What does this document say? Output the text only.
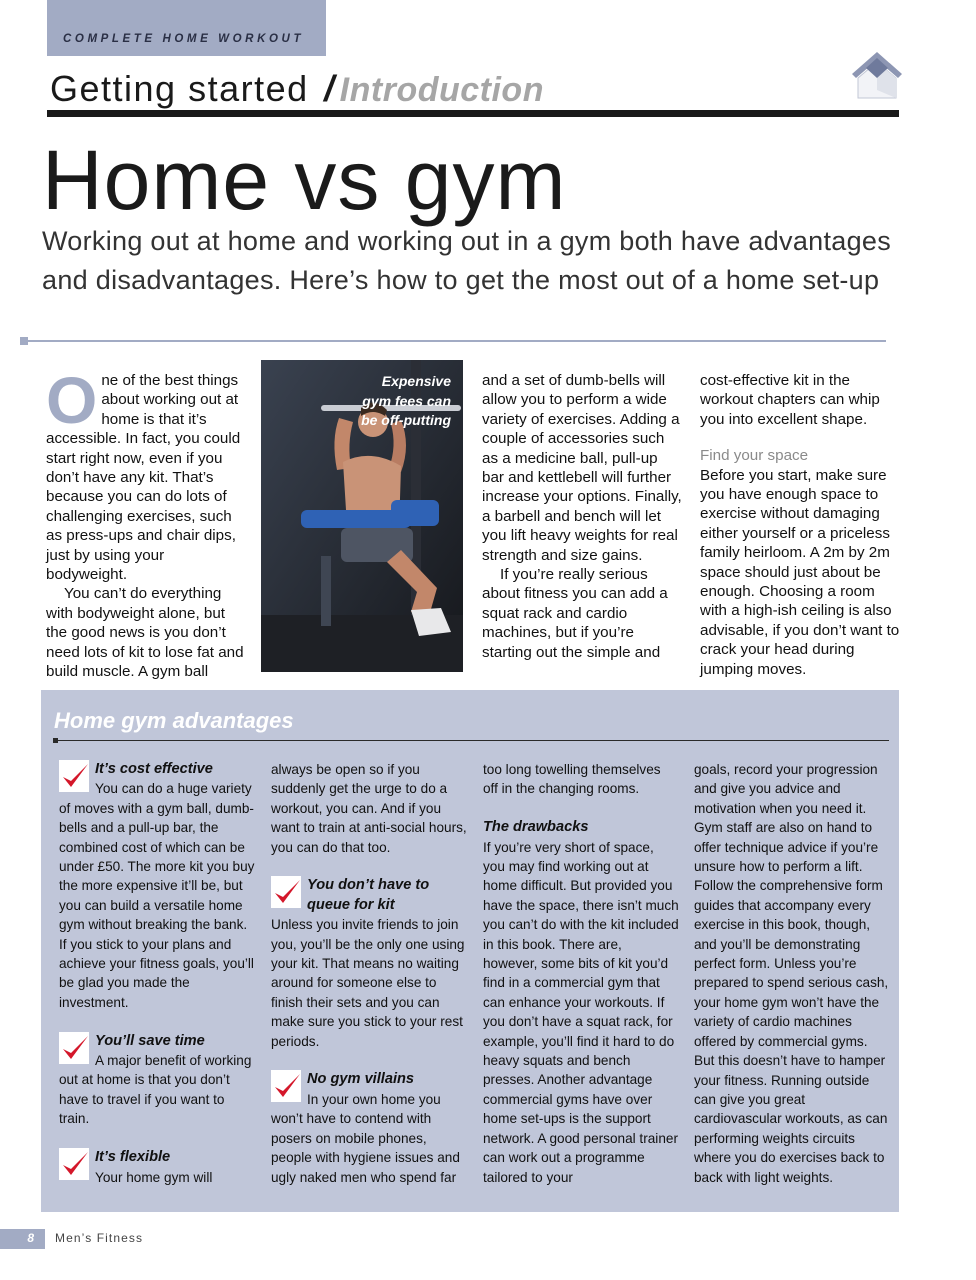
COMPLETE HOME WORKOUT
Getting started / Introduction
Home vs gym
Working out at home and working out in a gym both have advantages and disadvantages. Here’s how to get the most out of a home set-up

One of the best things about working out at home is that it’s accessible. In fact, you could start right now, even if you don’t have any kit. That’s because you can do lots of challenging exercises, such as press-ups and chair dips, just by using your bodyweight.

You can’t do everything with bodyweight alone, but the good news is you don’t need lots of kit to lose fat and build muscle. A gym ball

Expensive gym fees can be off-putting

and a set of dumb-bells will allow you to perform a wide variety of exercises. Adding a couple of accessories such as a medicine ball, pull-up bar and kettlebell will further increase your options. Finally, a barbell and bench will let you lift heavy weights for real strength and size gains.

If you’re really serious about fitness you can add a squat rack and cardio machines, but if you’re starting out the simple and

cost-effective kit in the workout chapters can whip you into excellent shape.

Find your space

Before you start, make sure you have enough space to exercise without damaging either yourself or a priceless family heirloom. A 2m by 2m space should just about be enough. Choosing a room with a high-ish ceiling is also advisable, if you don’t want to crack your head during jumping moves.

Home gym advantages

It’s cost effective

You can do a huge variety of moves with a gym ball, dumb-bells and a pull-up bar, the combined cost of which can be under £50. The more kit you buy the more expensive it’ll be, but you can build a versatile home gym without breaking the bank. If you stick to your plans and achieve your fitness goals, you’ll be glad you made the investment.

You’ll save time

A major benefit of working out at home is that you don’t have to travel if you want to train.

It’s flexible

Your home gym will

always be open so if you suddenly get the urge to do a workout, you can. And if you want to train at anti-social hours, you can do that too.

You don’t have to queue for kit

Unless you invite friends to join you, you’ll be the only one using your kit. That means no waiting around for someone else to finish their sets and you can make sure you stick to your rest periods.

No gym villains

In your own home you won’t have to contend with posers on mobile phones, people with hygiene issues and ugly naked men who spend far

too long towelling themselves off in the changing rooms.

The drawbacks

If you’re very short of space, you may find working out at home difficult. But provided you have the space, there isn’t much you can’t do with the kit included in this book. There are, however, some bits of kit you’d find in a commercial gym that can enhance your workouts. If you don’t have a squat rack, for example, you’ll find it hard to do heavy squats and bench presses. Another advantage commercial gyms have over home set-ups is the support network. A good personal trainer can work out a programme tailored to your

goals, record your progression and give you advice and motivation when you need it. Gym staff are also on hand to offer technique advice if you’re unsure how to perform a lift. Follow the comprehensive form guides that accompany every exercise in this book, though, and you’ll be demonstrating perfect form. Unless you’re prepared to spend serious cash, your home gym won’t have the variety of cardio machines offered by commercial gyms. But this doesn’t have to hamper your fitness. Running outside can give you great cardiovascular workouts, as can performing weights circuits where you do exercises back to back with light weights.

8 Men’s Fitness
